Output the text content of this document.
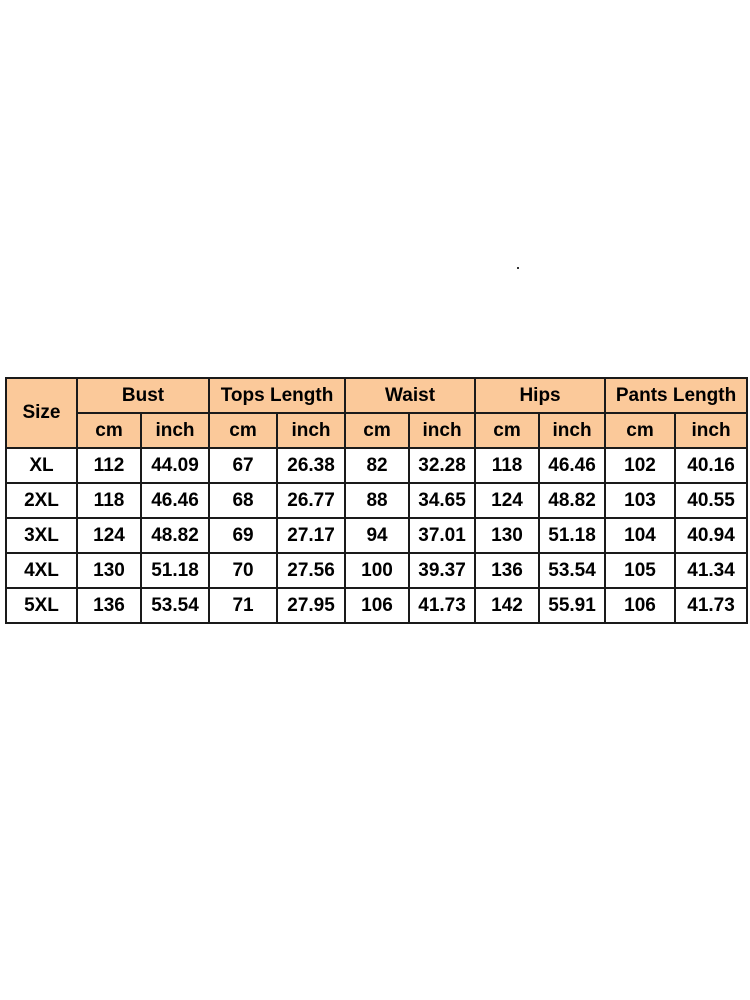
Size	Bust		Tops Length		Waist		Hips		Pants Length	
	cm	inch	cm	inch	cm	inch	cm	inch	cm	inch
XL	112	44.09	67	26.38	82	32.28	118	46.46	102	40.16
2XL	118	46.46	68	26.77	88	34.65	124	48.82	103	40.55
3XL	124	48.82	69	27.17	94	37.01	130	51.18	104	40.94
4XL	130	51.18	70	27.56	100	39.37	136	53.54	105	41.34
5XL	136	53.54	71	27.95	106	41.73	142	55.91	106	41.73
